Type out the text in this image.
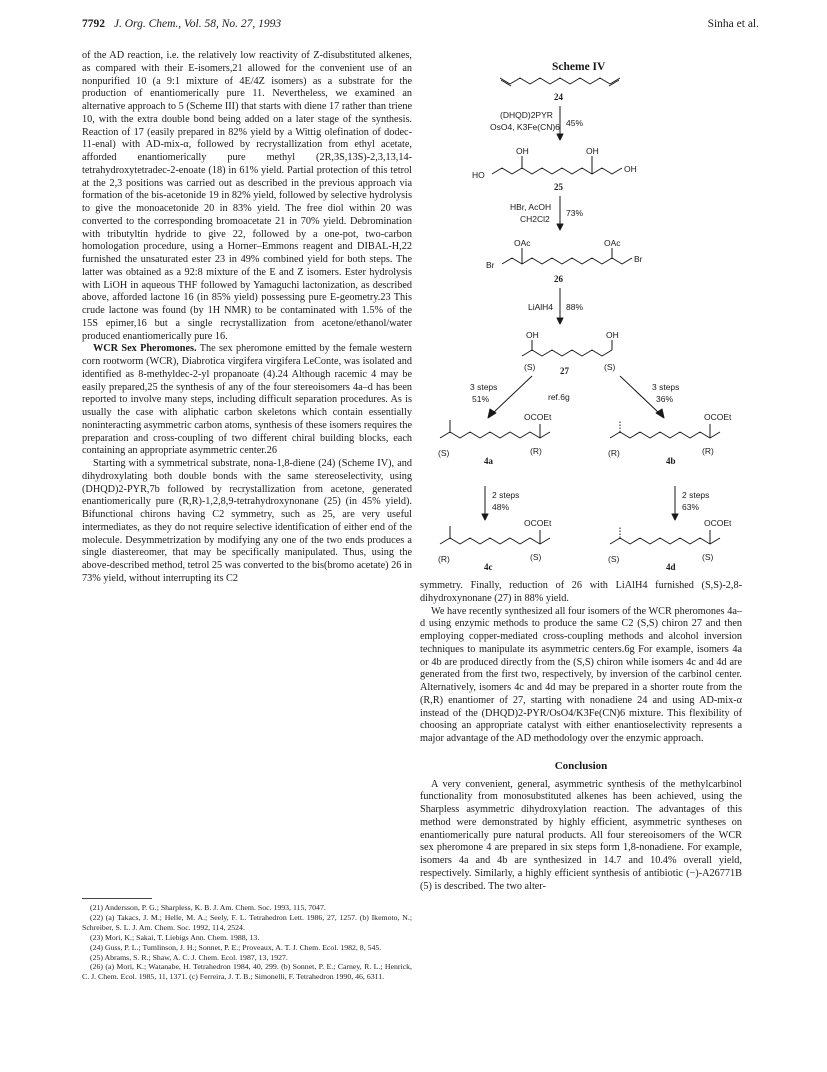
7792 J. Org. Chem., Vol. 58, No. 27, 1993	Sinha et al.

of the AD reaction, i.e. the relatively low reactivity of Z-disubstituted alkenes, as compared with their E-isomers,21 allowed for the convenient use of an nonpurified 10 (a 9:1 mixture of 4E/4Z isomers) as a substrate for the production of enantiomerically pure 11. Nevertheless, we examined an alternative approach to 5 (Scheme III) that starts with diene 17 rather than triene 10, with the extra double bond being added on a later stage of the synthesis. Reaction of 17 (easily prepared in 82% yield by a Wittig olefination of dodec-11-enal) with AD-mix-α, followed by recrystallization from ethyl acetate, afforded enantiomerically pure methyl (2R,3S,13S)-2,3,13,14-tetrahydroxytetradec-2-enoate (18) in 61% yield. Partial protection of this tetrol at the 2,3 positions was carried out as described in the previous approach via formation of the bis-acetonide 19 in 82% yield, followed by selective hydrolysis to give the monoacetonide 20 in 83% yield. The free diol within 20 was converted to the corresponding bromoacetate 21 in 70% yield. Debromination with tributyltin hydride to give 22, followed by a one-pot, two-carbon homologation procedure, using a Horner–Emmons reagent and DIBAL-H,22 furnished the unsaturated ester 23 in 49% combined yield for both steps. The latter was obtained as a 92:8 mixture of the E and Z isomers. Ester hydrolysis with LiOH in aqueous THF followed by Yamaguchi lactonization, as described above, afforded lactone 16 (in 85% yield) possessing pure E-geometry.23 This crude lactone was found (by 1H NMR) to be contaminated with 1.5% of the 15S epimer,16 but a single recrystallization from acetone/ethanol/water produced enantiomerically pure 16.

WCR Sex Pheromones. The sex pheromone emitted by the female western corn rootworm (WCR), Diabrotica virgifera virgifera LeConte, was isolated and identified as 8-methyldec-2-yl propanoate (4).24 Although racemic 4 may be easily prepared,25 the synthesis of any of the four stereoisomers 4a–d has been reported to involve many steps, including difficult separation procedures. As is usually the case with aliphatic carbon skeletons which contain essentially noninteracting asymmetric carbon atoms, synthesis of these isomers requires the preparation and cross-coupling of two different chiral building blocks, each containing an appropriate asymmetric center.26

Starting with a symmetrical substrate, nona-1,8-diene (24) (Scheme IV), and dihydroxylating both double bonds with the same stereoselectivity, using (DHQD)2-PYR,7b followed by recrystallization from acetone, generated enantiomerically pure (R,R)-1,2,8,9-tetrahydroxynonane (25) (in 45% yield). Bifunctional chirons having C2 symmetry, such as 25, are very useful intermediates, as they do not require selective identification of either end of the molecule. Desymmetrization by modifying any one of the two ends produces a single diastereomer, that may be specifically manipulated. Thus, using the above-described method, tetrol 25 was converted to the bis(bromo acetate) 26 in 73% yield, without interrupting its C2

(21) Andersson, P. G.; Sharpless, K. B. J. Am. Chem. Soc. 1993, 115, 7047.

(22) (a) Takacs, J. M.; Helle, M. A.; Seely, F. L. Tetrahedron Lett. 1986, 27, 1257. (b) Ikemoto, N.; Schreiber, S. L. J. Am. Chem. Soc. 1992, 114, 2524.

(23) Mori, K.; Sakai, T. Liebigs Ann. Chem. 1988, 13.

(24) Guss, P. L.; Tumlinson, J. H.; Sonnet, P. E.; Proveaux, A. T. J. Chem. Ecol. 1982, 8, 545.

(25) Abrams, S. R.; Shaw, A. C. J. Chem. Ecol. 1987, 13, 1927.

(26) (a) Mori, K.; Watanabe, H. Tetrahedron 1984, 40, 299. (b) Sonnet, P. E.; Carney, R. L.; Henrick, C. J. Chem. Ecol. 1985, 11, 1371. (c) Ferreira, J. T. B.; Simonelli, F. Tetrahedron 1990, 46, 6311.

Scheme IV
24
(DHQD)2PYR
OsO4, K3Fe(CN)6 45%
OH	OH
HO
OH
25
HBr, AcOH
CH2Cl2
73%
OAc	OAc
Br
Br
26
LiAlH4 88%
OH	OH
(S)	(S)
27
3 steps
51%	ref.6g
3 steps
36%
OCOEt
(S)	(R)
4a
OCOEt
(R)	(R)
4b
2 steps
48%
2 steps
63%
OCOEt
(R)	(S)
4c
OCOEt
(S)	(S)
4d

symmetry. Finally, reduction of 26 with LiAlH4 furnished (S,S)-2,8-dihydroxynonane (27) in 88% yield.

We have recently synthesized all four isomers of the WCR pheromones 4a–d using enzymic methods to produce the same C2 (S,S) chiron 27 and then employing copper-mediated cross-coupling methods and alcohol inversion techniques to manipulate its asymmetric centers.6g For example, isomers 4a or 4b are produced directly from the (S,S) chiron while isomers 4c and 4d are generated from the first two, respectively, by inversion of the carbinol center. Alternatively, isomers 4c and 4d may be prepared in a shorter route from the (R,R) enantiomer of 27, starting with nonadiene 24 and using AD-mix-α instead of the (DHQD)2-PYR/OsO4/K3Fe(CN)6 mixture. This flexibility of choosing an appropriate catalyst with either enantioselectivity represents a major advantage of the AD methodology over the enzymic approach.

Conclusion

A very convenient, general, asymmetric synthesis of the methylcarbinol functionality from monosubstituted alkenes has been achieved, using the Sharpless asymmetric dihydroxylation reaction. The advantages of this method were demonstrated by highly efficient, asymmetric syntheses on enantiomerically pure natural products. All four stereoisomers of the WCR sex pheromone 4 are prepared in six steps form 1,8-nonadiene. For example, isomers 4a and 4b are synthesized in 14.7 and 10.4% overall yield, respectively. Similarly, a highly efficient synthesis of antibiotic (−)-A26771B (5) is described. The two alter-
